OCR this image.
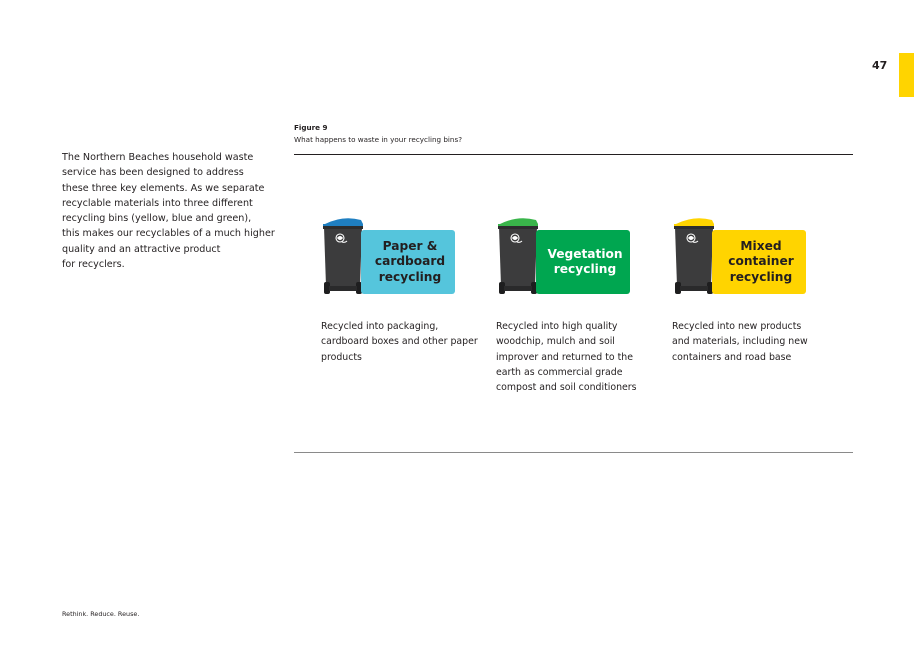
47
The Northern Beaches household waste
service has been designed to address
these three key elements. As we separate
recyclable materials into three different
recycling bins (yellow, blue and green),
this makes our recyclables of a much higher
quality and an attractive product
for recyclers.
Figure 9
What happens to waste in your recycling bins?
Paper &
cardboard
recycling
Recycled into packaging,
cardboard boxes and other paper
products
Vegetation
recycling
Recycled into high quality
woodchip, mulch and soil
improver and returned to the
earth as commercial grade
compost and soil conditioners
Mixed
container
recycling
Recycled into new products
and materials, including new
containers and road base
Rethink. Reduce. Reuse.
